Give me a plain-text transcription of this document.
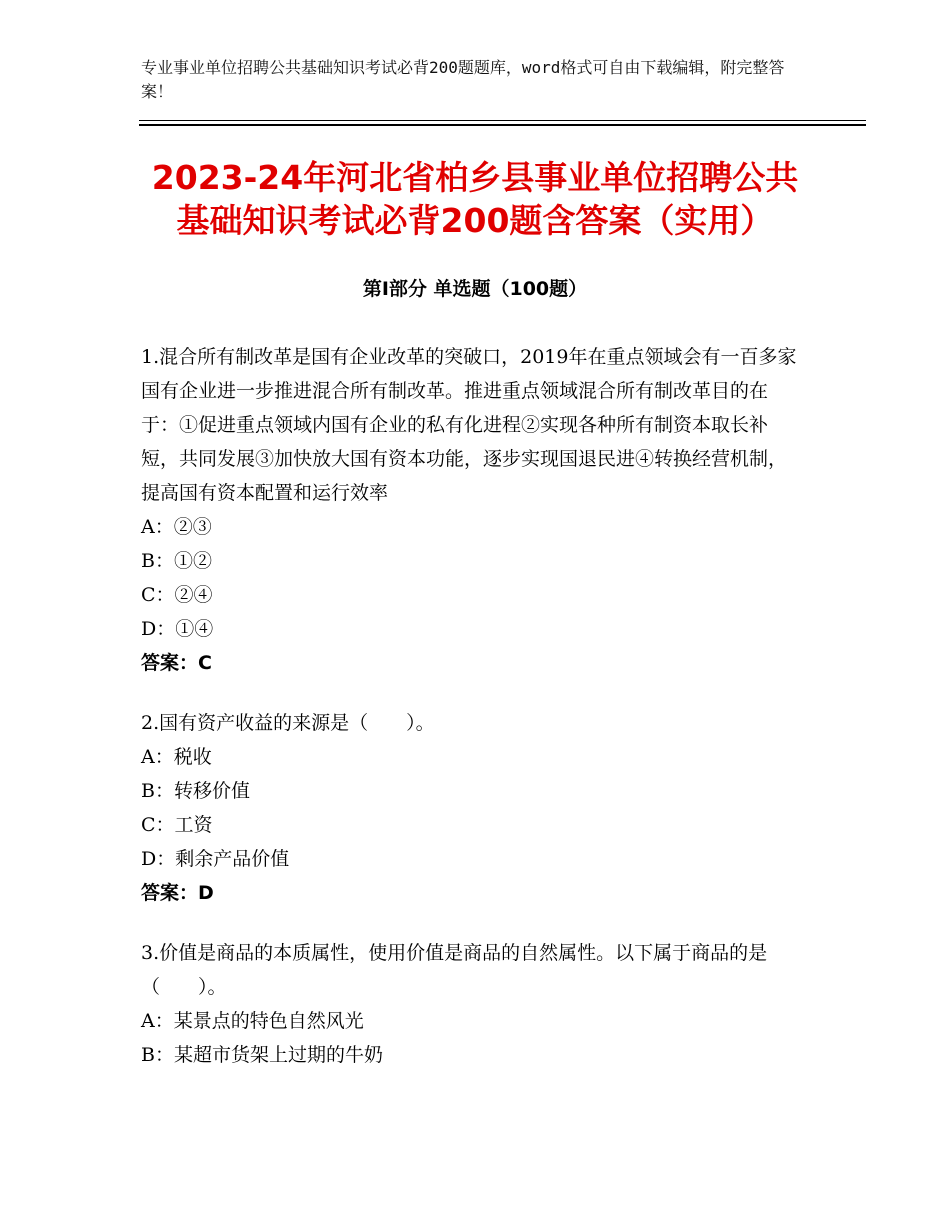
专业事业单位招聘公共基础知识考试必背200题题库，word格式可自由下载编辑，附完整答案！
2023-24年河北省柏乡县事业单位招聘公共基础知识考试必背200题含答案（实用）
第Ⅰ部分 单选题（100题）

1.混合所有制改革是国有企业改革的突破口，2019年在重点领域会有一百多家国有企业进一步推进混合所有制改革。推进重点领域混合所有制改革目的在于：①促进重点领域内国有企业的私有化进程②实现各种所有制资本取长补短，共同发展③加快放大国有资本功能，逐步实现国退民进④转换经营机制，提高国有资本配置和运行效率

A：②③

B：①②

C：②④

D：①④

答案：C

2.国有资产收益的来源是（　　）。

A：税收

B：转移价值

C：工资

D：剩余产品价值

答案：D

3.价值是商品的本质属性，使用价值是商品的自然属性。以下属于商品的是（　　）。

A：某景点的特色自然风光

B：某超市货架上过期的牛奶
